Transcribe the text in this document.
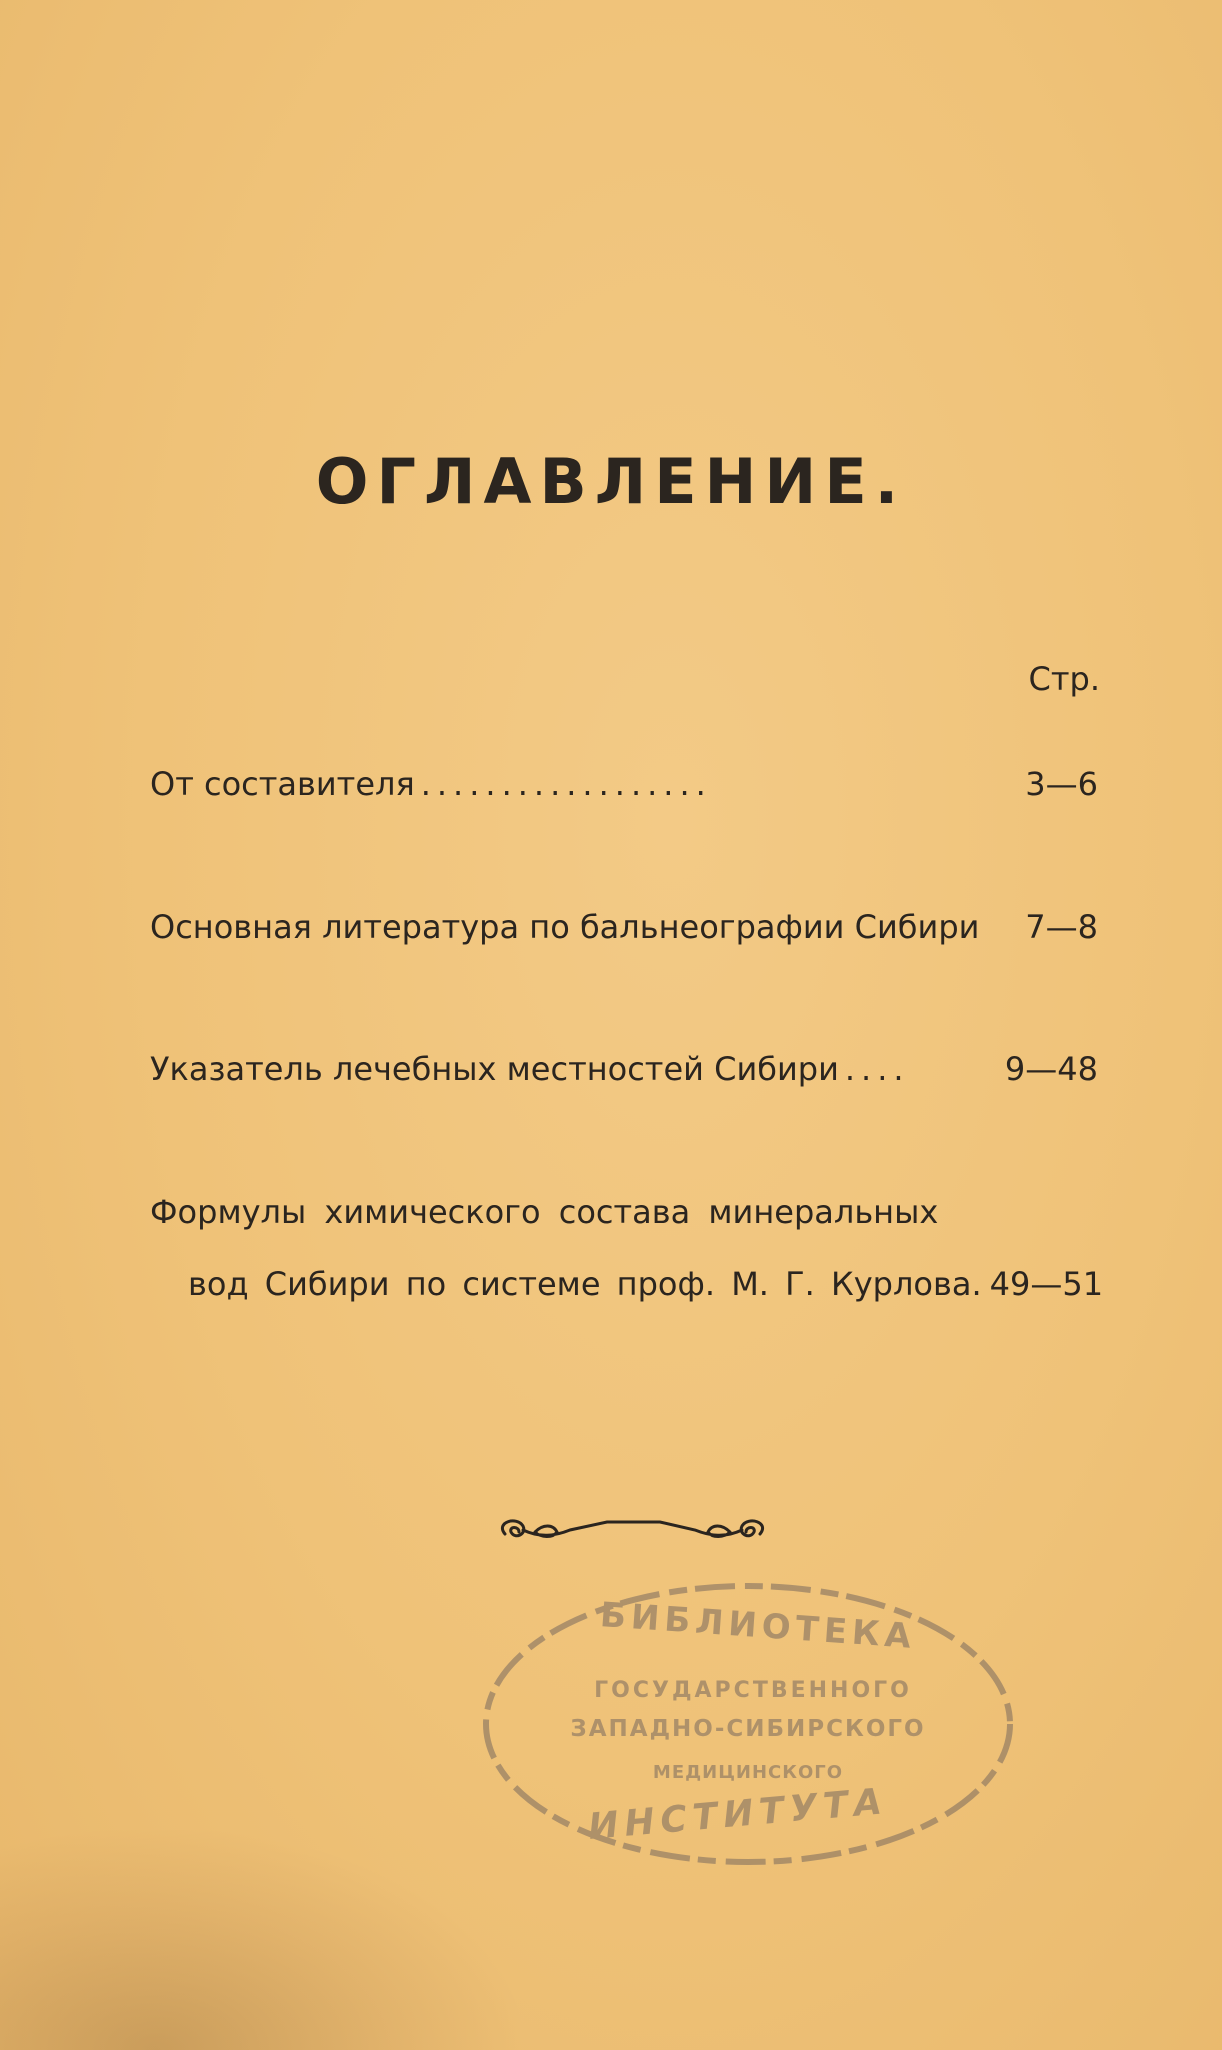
ОГЛАВЛЕНИЕ.
Стр.
От составителя ..................	3—6
Основная литература по бальнеографии Сибири 7—8
Указатель лечебных местностей Сибири ....	9—48
Формулы химического состава минеральных
вод Сибири по системе проф. М. Г. Курлова. 49—51
БИБЛИОТЕКА
ГОСУДАРСТВЕННОГО
ЗАПАДНО-СИБИРСКОГО
МЕДИЦИНСКОГО
ИНСТИТУТА
